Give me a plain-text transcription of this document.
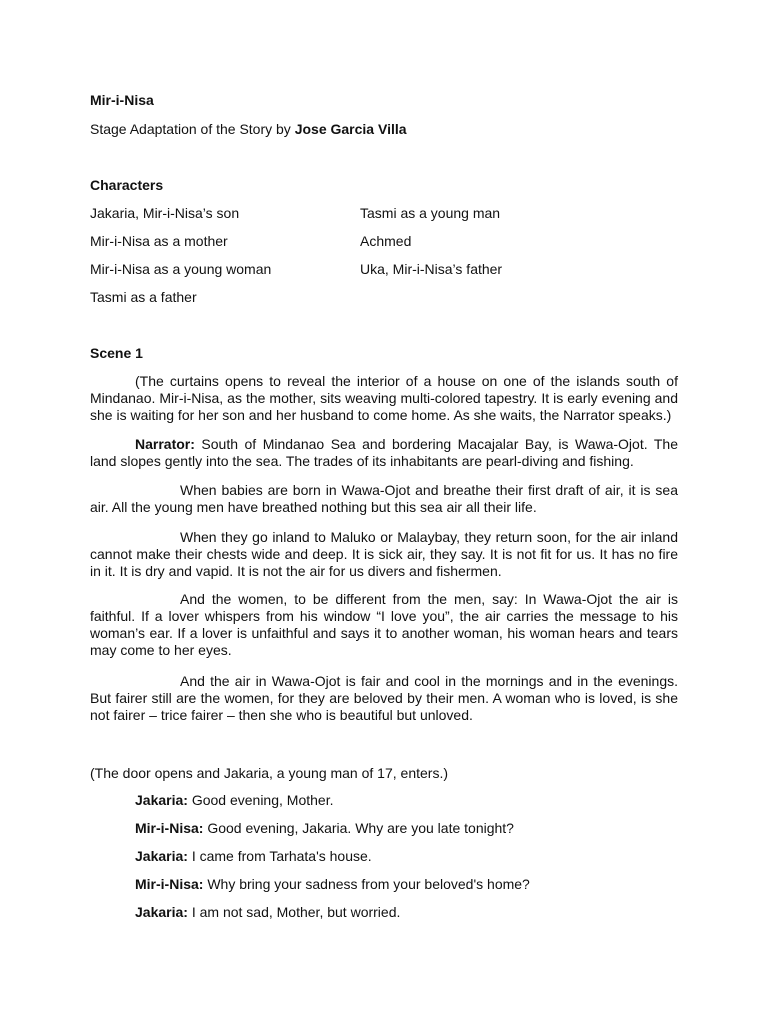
Mir-i-Nisa
Stage Adaptation of the Story by Jose Garcia Villa
Characters
Jakaria, Mir-i-Nisa’s son
Mir-i-Nisa as a mother
Mir-i-Nisa as a young woman
Tasmi as a father
Tasmi as a young man
Achmed
Uka, Mir-i-Nisa’s father
Scene 1
(The curtains opens to reveal the interior of a house on one of the islands south of Mindanao. Mir-i-Nisa, as the mother, sits weaving multi-colored tapestry. It is early evening and she is waiting for her son and her husband to come home. As she waits, the Narrator speaks.)
Narrator: South of Mindanao Sea and bordering Macajalar Bay, is Wawa-Ojot. The land slopes gently into the sea. The trades of its inhabitants are pearl-diving and fishing.
When babies are born in Wawa-Ojot and breathe their first draft of air, it is sea air. All the young men have breathed nothing but this sea air all their life.
When they go inland to Maluko or Malaybay, they return soon, for the air inland cannot make their chests wide and deep. It is sick air, they say. It is not fit for us. It has no fire in it. It is dry and vapid. It is not the air for us divers and fishermen.
And the women, to be different from the men, say: In Wawa-Ojot the air is faithful. If a lover whispers from his window “I love you”, the air carries the message to his woman’s ear. If a lover is unfaithful and says it to another woman, his woman hears and tears may come to her eyes.
And the air in Wawa-Ojot is fair and cool in the mornings and in the evenings. But fairer still are the women, for they are beloved by their men. A woman who is loved, is she not fairer – trice fairer – then she who is beautiful but unloved.
(The door opens and Jakaria, a young man of 17, enters.)
Jakaria: Good evening, Mother.
Mir-i-Nisa: Good evening, Jakaria. Why are you late tonight?
Jakaria: I came from Tarhata's house.
Mir-i-Nisa: Why bring your sadness from your beloved's home?
Jakaria: I am not sad, Mother, but worried.
